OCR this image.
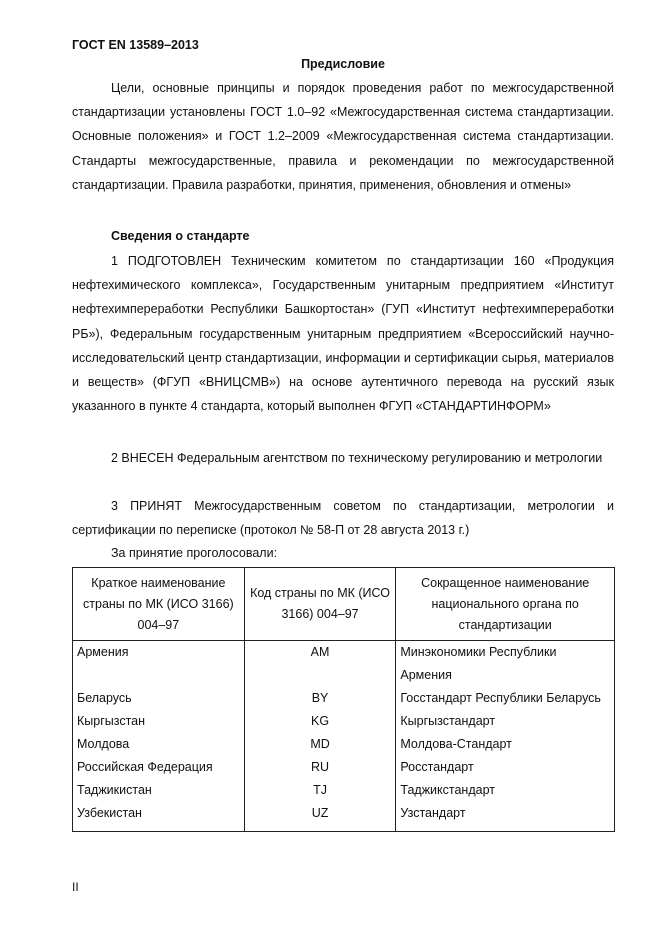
ГОСТ EN 13589–2013
Предисловие

Цели, основные принципы и порядок проведения работ по межгосударственной стандартизации установлены ГОСТ 1.0–92 «Межгосударственная система стандартизации. Основные положения» и ГОСТ 1.2–2009 «Межгосударственная система стандартизации. Стандарты межгосударственные, правила и рекомендации по межгосударственной стандартизации. Правила разработки, принятия, применения, обновления и отмены»

Сведения о стандарте

1 ПОДГОТОВЛЕН Техническим комитетом по стандартизации 160 «Продукция нефтехимического комплекса», Государственным унитарным предприятием «Институт нефтехимпереработки Республики Башкортостан» (ГУП «Институт нефтехимпереработки РБ»), Федеральным государственным унитарным предприятием «Всероссийский научно-исследовательский центр стандартизации, информации и сертификации сырья, материалов и веществ» (ФГУП «ВНИЦСМВ») на основе аутентичного перевода на русский язык указанного в пункте 4 стандарта, который выполнен ФГУП «СТАНДАРТИНФОРМ»

2 ВНЕСЕН Федеральным агентством по техническому регулированию и метрологии

3 ПРИНЯТ Межгосударственным советом по стандартизации, метрологии и сертификации по переписке (протокол № 58-П от 28 августа 2013 г.)

За принятие проголосовали:
Краткое наименование страны по МК (ИСО 3166) 004–97	Код страны по МК (ИСО 3166) 004–97	Сокращенное наименование национального органа по стандартизации
Армения	AM	Минэкономики Республики Армения
Беларусь	BY	Госстандарт Республики Беларусь
Кыргызстан	KG	Кыргызстандарт
Молдова	MD	Молдова-Стандарт
Российская Федерация	RU	Росстандарт
Таджикистан	TJ	Таджикстандарт
Узбекистан	UZ	Узстандарт
II
